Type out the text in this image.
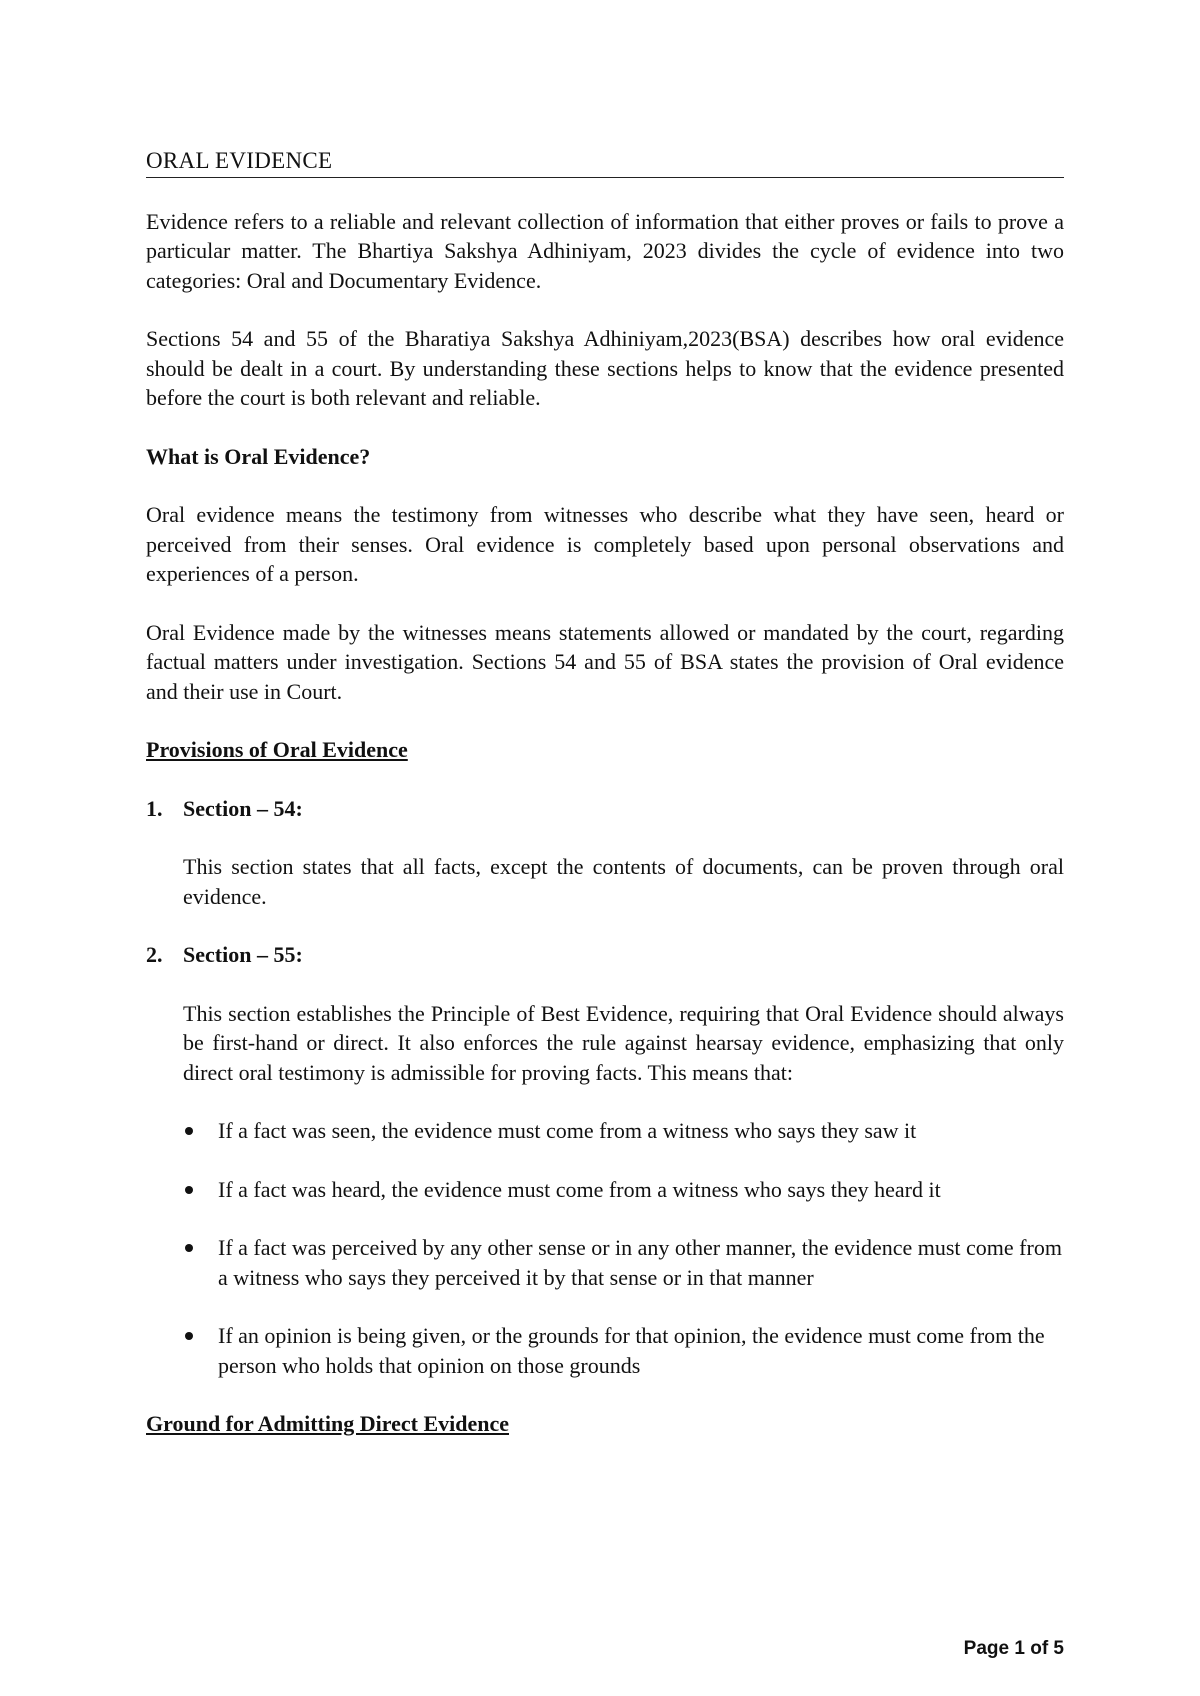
ORAL EVIDENCE

Evidence refers to a reliable and relevant collection of information that either proves or fails to prove a particular matter. The Bhartiya Sakshya Adhiniyam, 2023 divides the cycle of evidence into two categories: Oral and Documentary Evidence.

Sections 54 and 55 of the Bharatiya Sakshya Adhiniyam,2023(BSA) describes how oral evidence should be dealt in a court. By understanding these sections helps to know that the evidence presented before the court is both relevant and reliable.

What is Oral Evidence?

Oral evidence means the testimony from witnesses who describe what they have seen, heard or perceived from their senses. Oral evidence is completely based upon personal observations and experiences of a person.

Oral Evidence made by the witnesses means statements allowed or mandated by the court, regarding factual matters under investigation. Sections 54 and 55 of BSA states the provision of Oral evidence and their use in Court.

Provisions of Oral Evidence
1. Section – 54:

This section states that all facts, except the contents of documents, can be proven through oral evidence.

2. Section – 55:

This section establishes the Principle of Best Evidence, requiring that Oral Evidence should always be first-hand or direct. It also enforces the rule against hearsay evidence, emphasizing that only direct oral testimony is admissible for proving facts. This means that:

If a fact was seen, the evidence must come from a witness who says they saw it
If a fact was heard, the evidence must come from a witness who says they heard it
If a fact was perceived by any other sense or in any other manner, the evidence must come from a witness who says they perceived it by that sense or in that manner
If an opinion is being given, or the grounds for that opinion, the evidence must come from the person who holds that opinion on those grounds
Ground for Admitting Direct Evidence
Page 1 of 5
